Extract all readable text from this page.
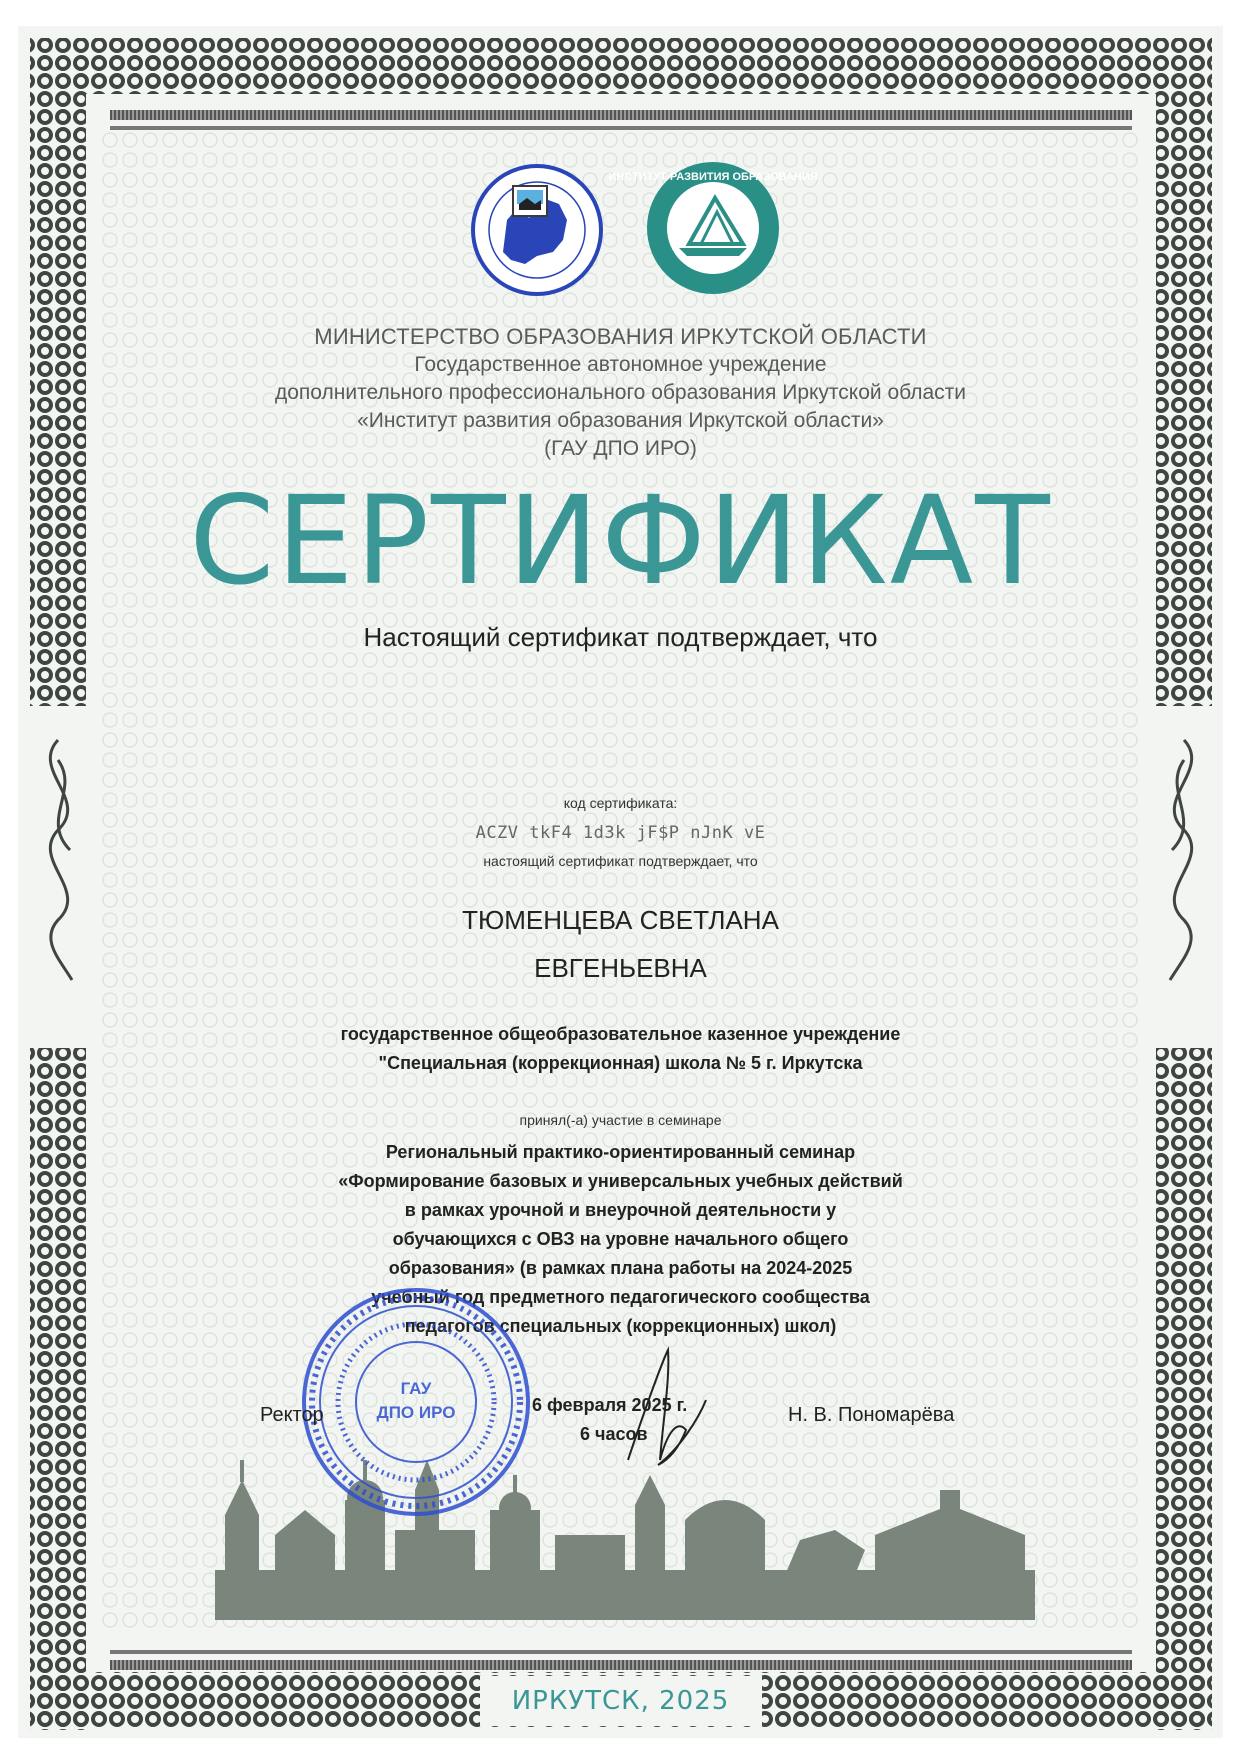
ИНСТИТУТ РАЗВИТИЯ ОБРАЗОВАНИЯ
МИНИСТЕРСТВО ОБРАЗОВАНИЯ ИРКУТСКОЙ ОБЛАСТИ
Государственное автономное учреждение
дополнительного профессионального образования Иркутской области
«Институт развития образования Иркутской области»
(ГАУ ДПО ИРО)
СЕРТИФИКАТ
Настоящий сертификат подтверждает, что
код сертификата:
ACZV tkF4 1d3k jF$P nJnK vE
настоящий сертификат подтверждает, что
ТЮМЕНЦЕВА СВЕТЛАНА
ЕВГЕНЬЕВНА
государственное общеобразовательное казенное учреждение
"Специальная (коррекционная) школа № 5 г. Иркутска
принял(-а) участие в семинаре
Региональный практико-ориентированный семинар
«Формирование базовых и универсальных учебных действий
в рамках урочной и внеурочной деятельности у
обучающихся с ОВЗ на уровне начального общего
образования» (в рамках плана работы на 2024-2025
учебный год предметного педагогического сообщества
педагогов специальных (коррекционных) школ)
ГАУ
ДПО ИРО
Ректор	6 февраля 2025 г.
6 часов
Н. В. Пономарёва
ИРКУТСК, 2025
